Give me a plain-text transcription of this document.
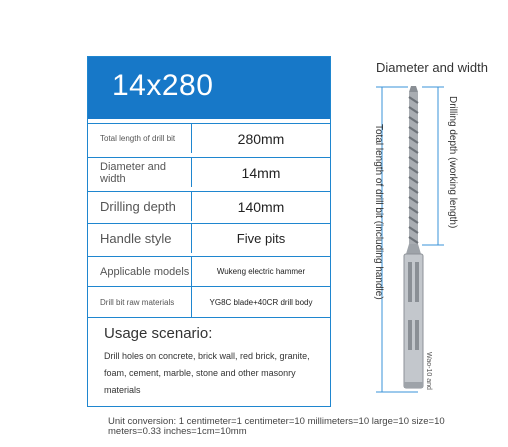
14x280
Total length of drill bit	280mm
Diameter and width	14mm
Drilling depth	140mm
Handle style	Five pits
Applicable models	Wukeng electric hammer
Drill bit raw materials	YG8C blade+40CR drill body
Usage scenario:
Drill holes on concrete, brick wall, red brick, granite, foam, cement, marble, stone and other masonry materials
Unit conversion: 1 centimeter=1 centimeter=10 millimeters=10 large=10 size=10 meters=0.33 inches=1cm=10mm
Diameter and width
Total length of drill bit (including handle)	Drilling depth (working length)
Wao-10 and
